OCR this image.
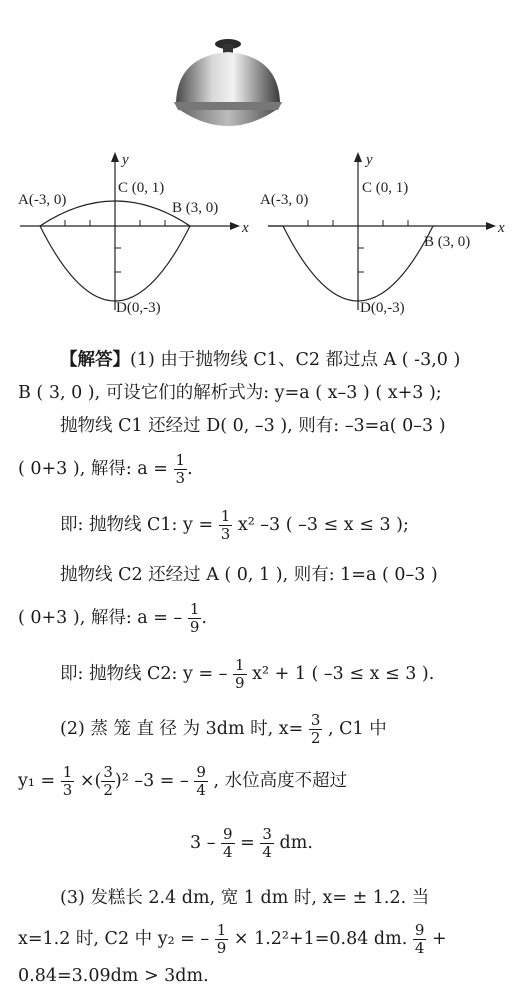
y
x
A(-3, 0)
C (0, 1)
B (3, 0)
D(0,-3)
y
x
A(-3, 0)
C (0, 1)
B (3, 0)
D(0,-3)
【解答】(1) 由于抛物线 C1、C2 都过点 A ( -3,0 )
B ( 3, 0 ), 可设它们的解析式为: y=a ( x–3 ) ( x+3 );
抛物线 C1 还经过 D( 0, –3 ), 则有: –3=a( 0–3 )
( 0+3 ), 解得: $a = \frac{1}{3}$ .
即: 抛物线 C1: $y = \frac{1}{3} x^2$ –3 ( –3 ≤ x ≤ 3 );
抛物线 C2 还经过 A ( 0, 1 ), 则有: 1=a ( 0–3 )
( 0+3 ), 解得: a = – $\frac{1}{9}$ .
即: 抛物线 C2: y = – $\frac{1}{9} x^2 + 1$ ( –3 ≤ x ≤ 3 ).
(2) 蒸 笼 直 径 为 3dm 时, $x= \frac{3}{2}$ , C1 中
$y_1 = \frac{1}{3}$ ×( $\frac{3}{2} )^2$ –3 = – $\frac{9}{4}$ , 水位高度不超过
$3 - \frac{9}{4} = \frac{3}{4}$ dm.
(3) 发糕长 2.4 dm, 宽 1 dm 时, x= ± 1.2. 当
x=1.2 时, C2 中 y₂ = – $\frac{1}{9} \times 1.2^2+1=0.84$ dm. $\frac{9}{4}$ +
0.84=3.09dm > 3dm.
